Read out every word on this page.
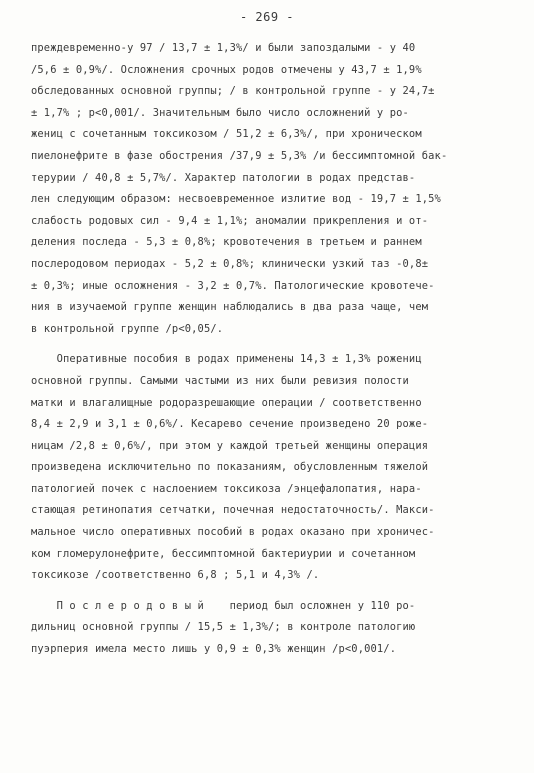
- 269 -
преждевременно-у 97 / 13,7 ± 1,3%/ и были запоздалыми - у 40
/5,6 ± 0,9%/. Осложнения срочных родов отмечены у 43,7 ± 1,9%
обследованных основной группы; / в контрольной группе - у 24,7±
± 1,7% ; р<0,001/. Значительным было число осложнений у ро-
жениц с сочетанным токсикозом / 51,2 ± 6,3%/, при хроническом
пиелонефрите в фазе обострения /37,9 ± 5,3% /и бессимптомной бак-
терурии / 40,8 ± 5,7%/. Характер патологии в родах представ-
лен следующим образом: несвоевременное излитие вод - 19,7 ± 1,5%
слабость родовых сил - 9,4 ± 1,1%; аномалии прикрепления и от-
деления последа - 5,3 ± 0,8%; кровотечения в третьем и раннем
послеродовом периодах - 5,2 ± 0,8%; клинически узкий таз -0,8±
± 0,3%; иные осложнения - 3,2 ± 0,7%. Патологические кровотече-
ния в изучаемой группе женщин наблюдались в два раза чаще, чем
в контрольной группе /р<0,05/.
Оперативные пособия в родах применены 14,3 ± 1,3% рожениц
основной группы. Самыми частыми из них были ревизия полости
матки и влагалищные родоразрешающие операции / соответственно
8,4 ± 2,9 и 3,1 ± 0,6%/. Кесарево сечение произведено 20 роже-
ницам /2,8 ± 0,6%/, при этом у каждой третьей женщины операция
произведена исключительно по показаниям, обусловленным тяжелой
патологией почек с наслоением токсикоза /энцефалопатия, нара-
стающая ретинопатия сетчатки, почечная недостаточность/. Макси-
мальное число оперативных пособий в родах оказано при хроничес-
ком гломерулонефрите, бессимптомной бактериурии и сочетанном
токсикозе /соответственно 6,8 ; 5,1 и 4,3% /.
П о с л е р о д о в ы й    период был осложнен у 110 ро-
дильниц основной группы / 15,5 ± 1,3%/; в контроле патологию
пуэрперия имела место лишь у 0,9 ± 0,3% женщин /р<0,001/.
